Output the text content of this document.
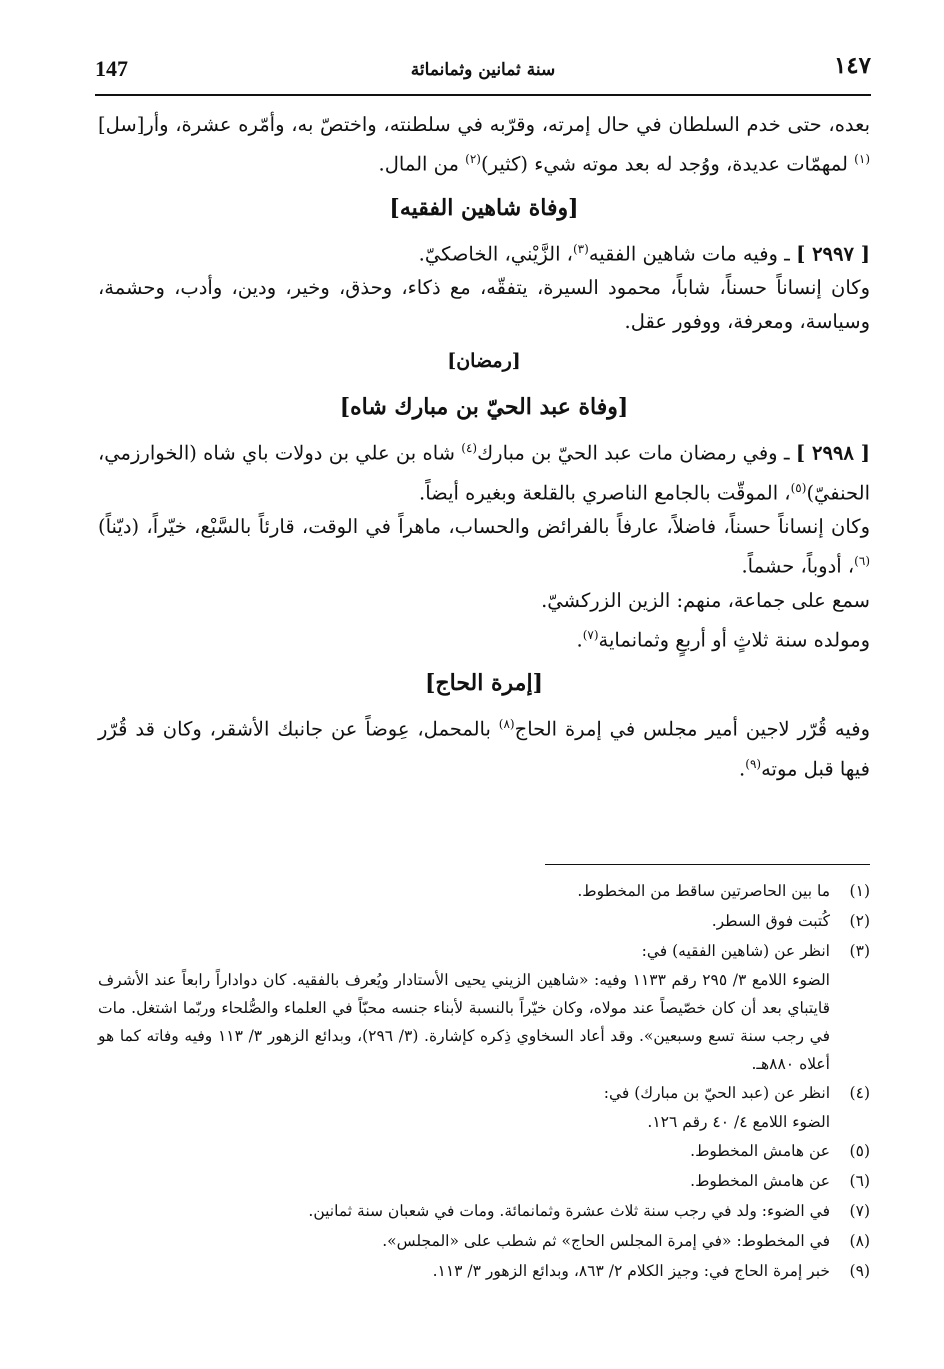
147	سنة ثمانين وثمانمائة	١٤٧

بعده، حتى خدم السلطان في حال إمرته، وقرّبه في سلطنته، واختصّ به، وأمّره عشرة، وأر[سل]$^{(١)}$ لمهمّات عديدة، ووُجد له بعد موته شيء (كثير)$^{(٢)}$ من المال.

[وفاة شاهين الفقيه]

[ ٢٩٩٧ ] ـ وفيه مات شاهين الفقيه$^{(٣)}$، الزَّيْني، الخاصكيّ.

وكان إنساناً حسناً، شاباً، محمود السيرة، يتفقّه، مع ذكاء، وحذق، وخير، ودين، وأدب، وحشمة، وسياسة، ومعرفة، ووفور عقل.

[رمضان]
[وفاة عبد الحيّ بن مبارك شاه]

[ ٢٩٩٨ ] ـ وفي رمضان مات عبد الحيّ بن مبارك$^{(٤)}$ شاه بن علي بن دولات باي شاه (الخوارزمي، الحنفيّ)$^{(٥)}$، الموقّت بالجامع الناصري بالقلعة وبغيره أيضاً.

وكان إنساناً حسناً، فاضلاً، عارفاً بالفرائض والحساب، ماهراً في الوقت، قارئاً بالسَّبْع، خيّراً، (ديّناً)$^{(٦)}$، أدوباً، حشماً.

سمع على جماعة، منهم: الزين الزركشيّ.

ومولده سنة ثلاثٍ أو أربعٍ وثمانماية$^{(٧)}$.

[إمرة الحاج]

وفيه قُرّر لاجين أمير مجلس في إمرة الحاج$^{(٨)}$ بالمحمل، عِوضاً عن جانبك الأشقر، وكان قد قُرّر فيها قبل موته$^{(٩)}$.

(١)
ما بين الحاصرتين ساقط من المخطوط.
(٢)
كُتبت فوق السطر.
(٣)
انظر عن (شاهين الفقيه) في:
الضوء اللامع ٣/ ٢٩٥ رقم ١١٣٣ وفيه: «شاهين الزيني يحيى الأستادار ويُعرف بالفقيه. كان دواداراً رابعاً عند الأشرف قايتباي بعد أن كان خصّيصاً عند مولاه، وكان خيّراً بالنسبة لأبناء جنسه محبّاً في العلماء والصُّلحاء وربّما اشتغل. مات في رجب سنة تسع وسبعين». وقد أعاد السخاوي ذِكره كإشارة. (٣/ ٢٩٦)، وبدائع الزهور ٣/ ١١٣ وفيه وفاته كما هو أعلاه ٨٨٠هـ.
(٤)
انظر عن (عبد الحيّ بن مبارك) في:
الضوء اللامع ٤/ ٤٠ رقم ١٢٦.
(٥)
عن هامش المخطوط.
(٦)
عن هامش المخطوط.
(٧)
في الضوء: ولد في رجب سنة ثلاث عشرة وثمانمائة. ومات في شعبان سنة ثمانين.
(٨)
في المخطوط: «في إمرة المجلس الحاج» ثم شطب على «المجلس».
(٩)
خبر إمرة الحاج في: وجيز الكلام ٢/ ٨٦٣، وبدائع الزهور ٣/ ١١٣.
